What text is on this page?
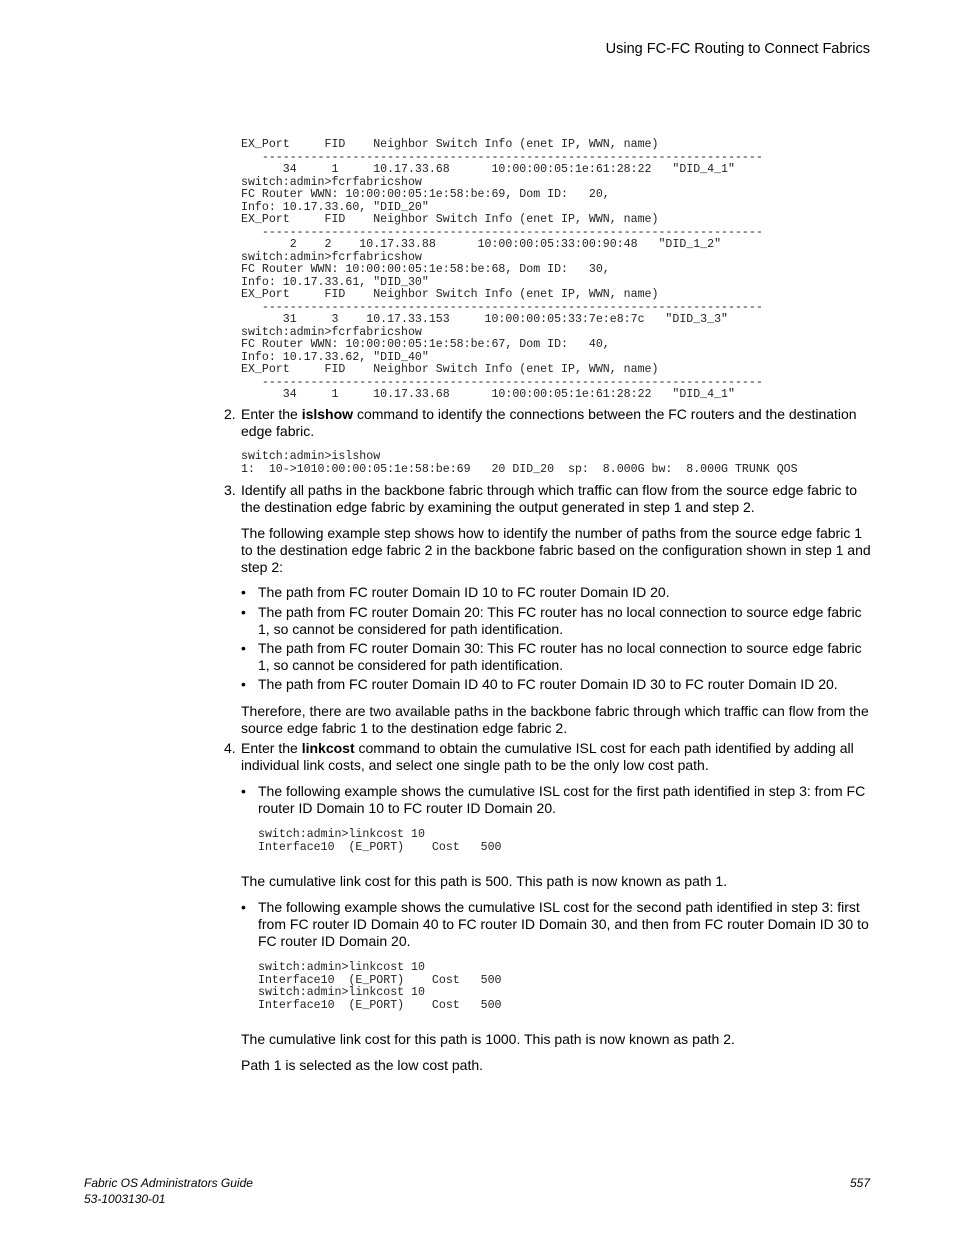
Using FC-FC Routing to Connect Fabrics
EX_Port     FID    Neighbor Switch Info (enet IP, WWN, name)
------------------------------------------------------------------------
34     1     10.17.33.68      10:00:00:05:1e:61:28:22   "DID_4_1"
switch:admin>fcrfabricshow
FC Router WWN: 10:00:00:05:1e:58:be:69, Dom ID:   20,
Info: 10.17.33.60, "DID_20"
EX_Port     FID    Neighbor Switch Info (enet IP, WWN, name)
------------------------------------------------------------------------
2    2    10.17.33.88      10:00:00:05:33:00:90:48   "DID_1_2"
switch:admin>fcrfabricshow
FC Router WWN: 10:00:00:05:1e:58:be:68, Dom ID:   30,
Info: 10.17.33.61, "DID_30"
EX_Port     FID    Neighbor Switch Info (enet IP, WWN, name)
------------------------------------------------------------------------
31     3    10.17.33.153     10:00:00:05:33:7e:e8:7c   "DID_3_3"
switch:admin>fcrfabricshow
FC Router WWN: 10:00:00:05:1e:58:be:67, Dom ID:   40,
Info: 10.17.33.62, "DID_40"
EX_Port     FID    Neighbor Switch Info (enet IP, WWN, name)
------------------------------------------------------------------------
34     1     10.17.33.68      10:00:00:05:1e:61:28:22   "DID_4_1"
2. Enter the islshow command to identify the connections between the FC routers and the destination edge fabric.

switch:admin>islshow
1:  10->1010:00:00:05:1e:58:be:69   20 DID_20  sp:  8.000G bw:  8.000G TRUNK QOS
3. Identify all paths in the backbone fabric through which traffic can flow from the source edge fabric to the destination edge fabric by examining the output generated in step 1 and step 2.

The following example step shows how to identify the number of paths from the source edge fabric 1 to the destination edge fabric 2 in the backbone fabric based on the configuration shown in step 1 and step 2:

• The path from FC router Domain ID 10 to FC router Domain ID 20.

• The path from FC router Domain 20: This FC router has no local connection to source edge fabric 1, so cannot be considered for path identification.

• The path from FC router Domain 30: This FC router has no local connection to source edge fabric 1, so cannot be considered for path identification.

• The path from FC router Domain ID 40 to FC router Domain ID 30 to FC router Domain ID 20.

Therefore, there are two available paths in the backbone fabric through which traffic can flow from the source edge fabric 1 to the destination edge fabric 2.

4. Enter the linkcost command to obtain the cumulative ISL cost for each path identified by adding all individual link costs, and select one single path to be the only low cost path.

• The following example shows the cumulative ISL cost for the first path identified in step 3: from FC router ID Domain 10 to FC router ID Domain 20.

switch:admin>linkcost 10
Interface10  (E_PORT)    Cost   500

The cumulative link cost for this path is 500. This path is now known as path 1.

• The following example shows the cumulative ISL cost for the second path identified in step 3: first from FC router ID Domain 40 to FC router ID Domain 30, and then from FC router Domain ID 30 to FC router ID Domain 20.

switch:admin>linkcost 10
Interface10  (E_PORT)    Cost   500
switch:admin>linkcost 10
Interface10  (E_PORT)    Cost   500

The cumulative link cost for this path is 1000. This path is now known as path 2.

Path 1 is selected as the low cost path.

Fabric OS Administrators Guide
53-1003130-01
557
